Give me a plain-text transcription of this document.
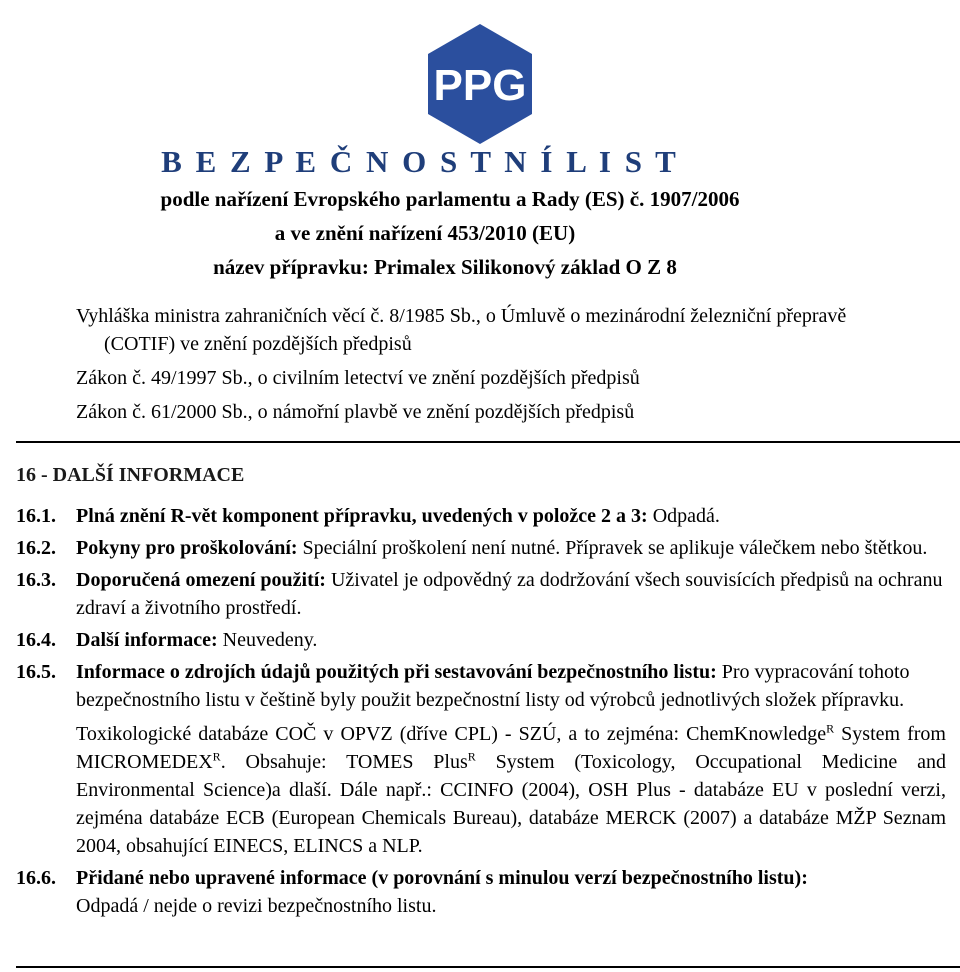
PPG
B E Z P E Č N O S T N Í L I S T
podle nařízení Evropského parlamentu a Rady (ES) č. 1907/2006
a ve znění nařízení 453/2010 (EU)
název přípravku: Primalex Silikonový základ O Z 8

Vyhláška ministra zahraničních věcí č. 8/1985 Sb., o Úmluvě o mezinárodní železniční přepravě

(COTIF) ve znění pozdějších předpisů

Zákon č. 49/1997 Sb., o civilním letectví ve znění pozdějších předpisů

Zákon č. 61/2000 Sb., o námořní plavbě ve znění pozdějších předpisů

16 - DALŠÍ INFORMACE
16.1. Plná znění R-vět komponent přípravku, uvedených v položce 2 a 3: Odpadá.

16.2. Pokyny pro proškolování: Speciální proškolení není nutné. Přípravek se aplikuje válečkem nebo štětkou.

16.3. Doporučená omezení použití: Uživatel je odpovědný za dodržování všech souvisících předpisů na ochranu zdraví a životního prostředí.

16.4. Další informace: Neuvedeny.

16.5. Informace o zdrojích údajů použitých při sestavování bezpečnostního listu: Pro vypracování tohoto bezpečnostního listu v češtině byly použit bezpečnostní listy od výrobců jednotlivých složek přípravku.

Toxikologické databáze COČ v OPVZ (dříve CPL) - SZÚ, a to zejména: ChemKnowledge$^R$ System from $MICROMEDEX^R$. Obsahuje: TOMES Plus$^R$ System (Toxicology, Occupational Medicine and Environmental Science)a dlaší. Dále např.: CCINFO (2004), OSH Plus - databáze EU v poslední verzi, zejména databáze ECB (European Chemicals Bureau), databáze MERCK (2007) a databáze MŽP Seznam 2004, obsahující EINECS, ELINCS a NLP.

16.6. Přidané nebo upravené informace (v porovnání s minulou verzí bezpečnostního listu):

Odpadá / nejde o revizi bezpečnostního listu.
